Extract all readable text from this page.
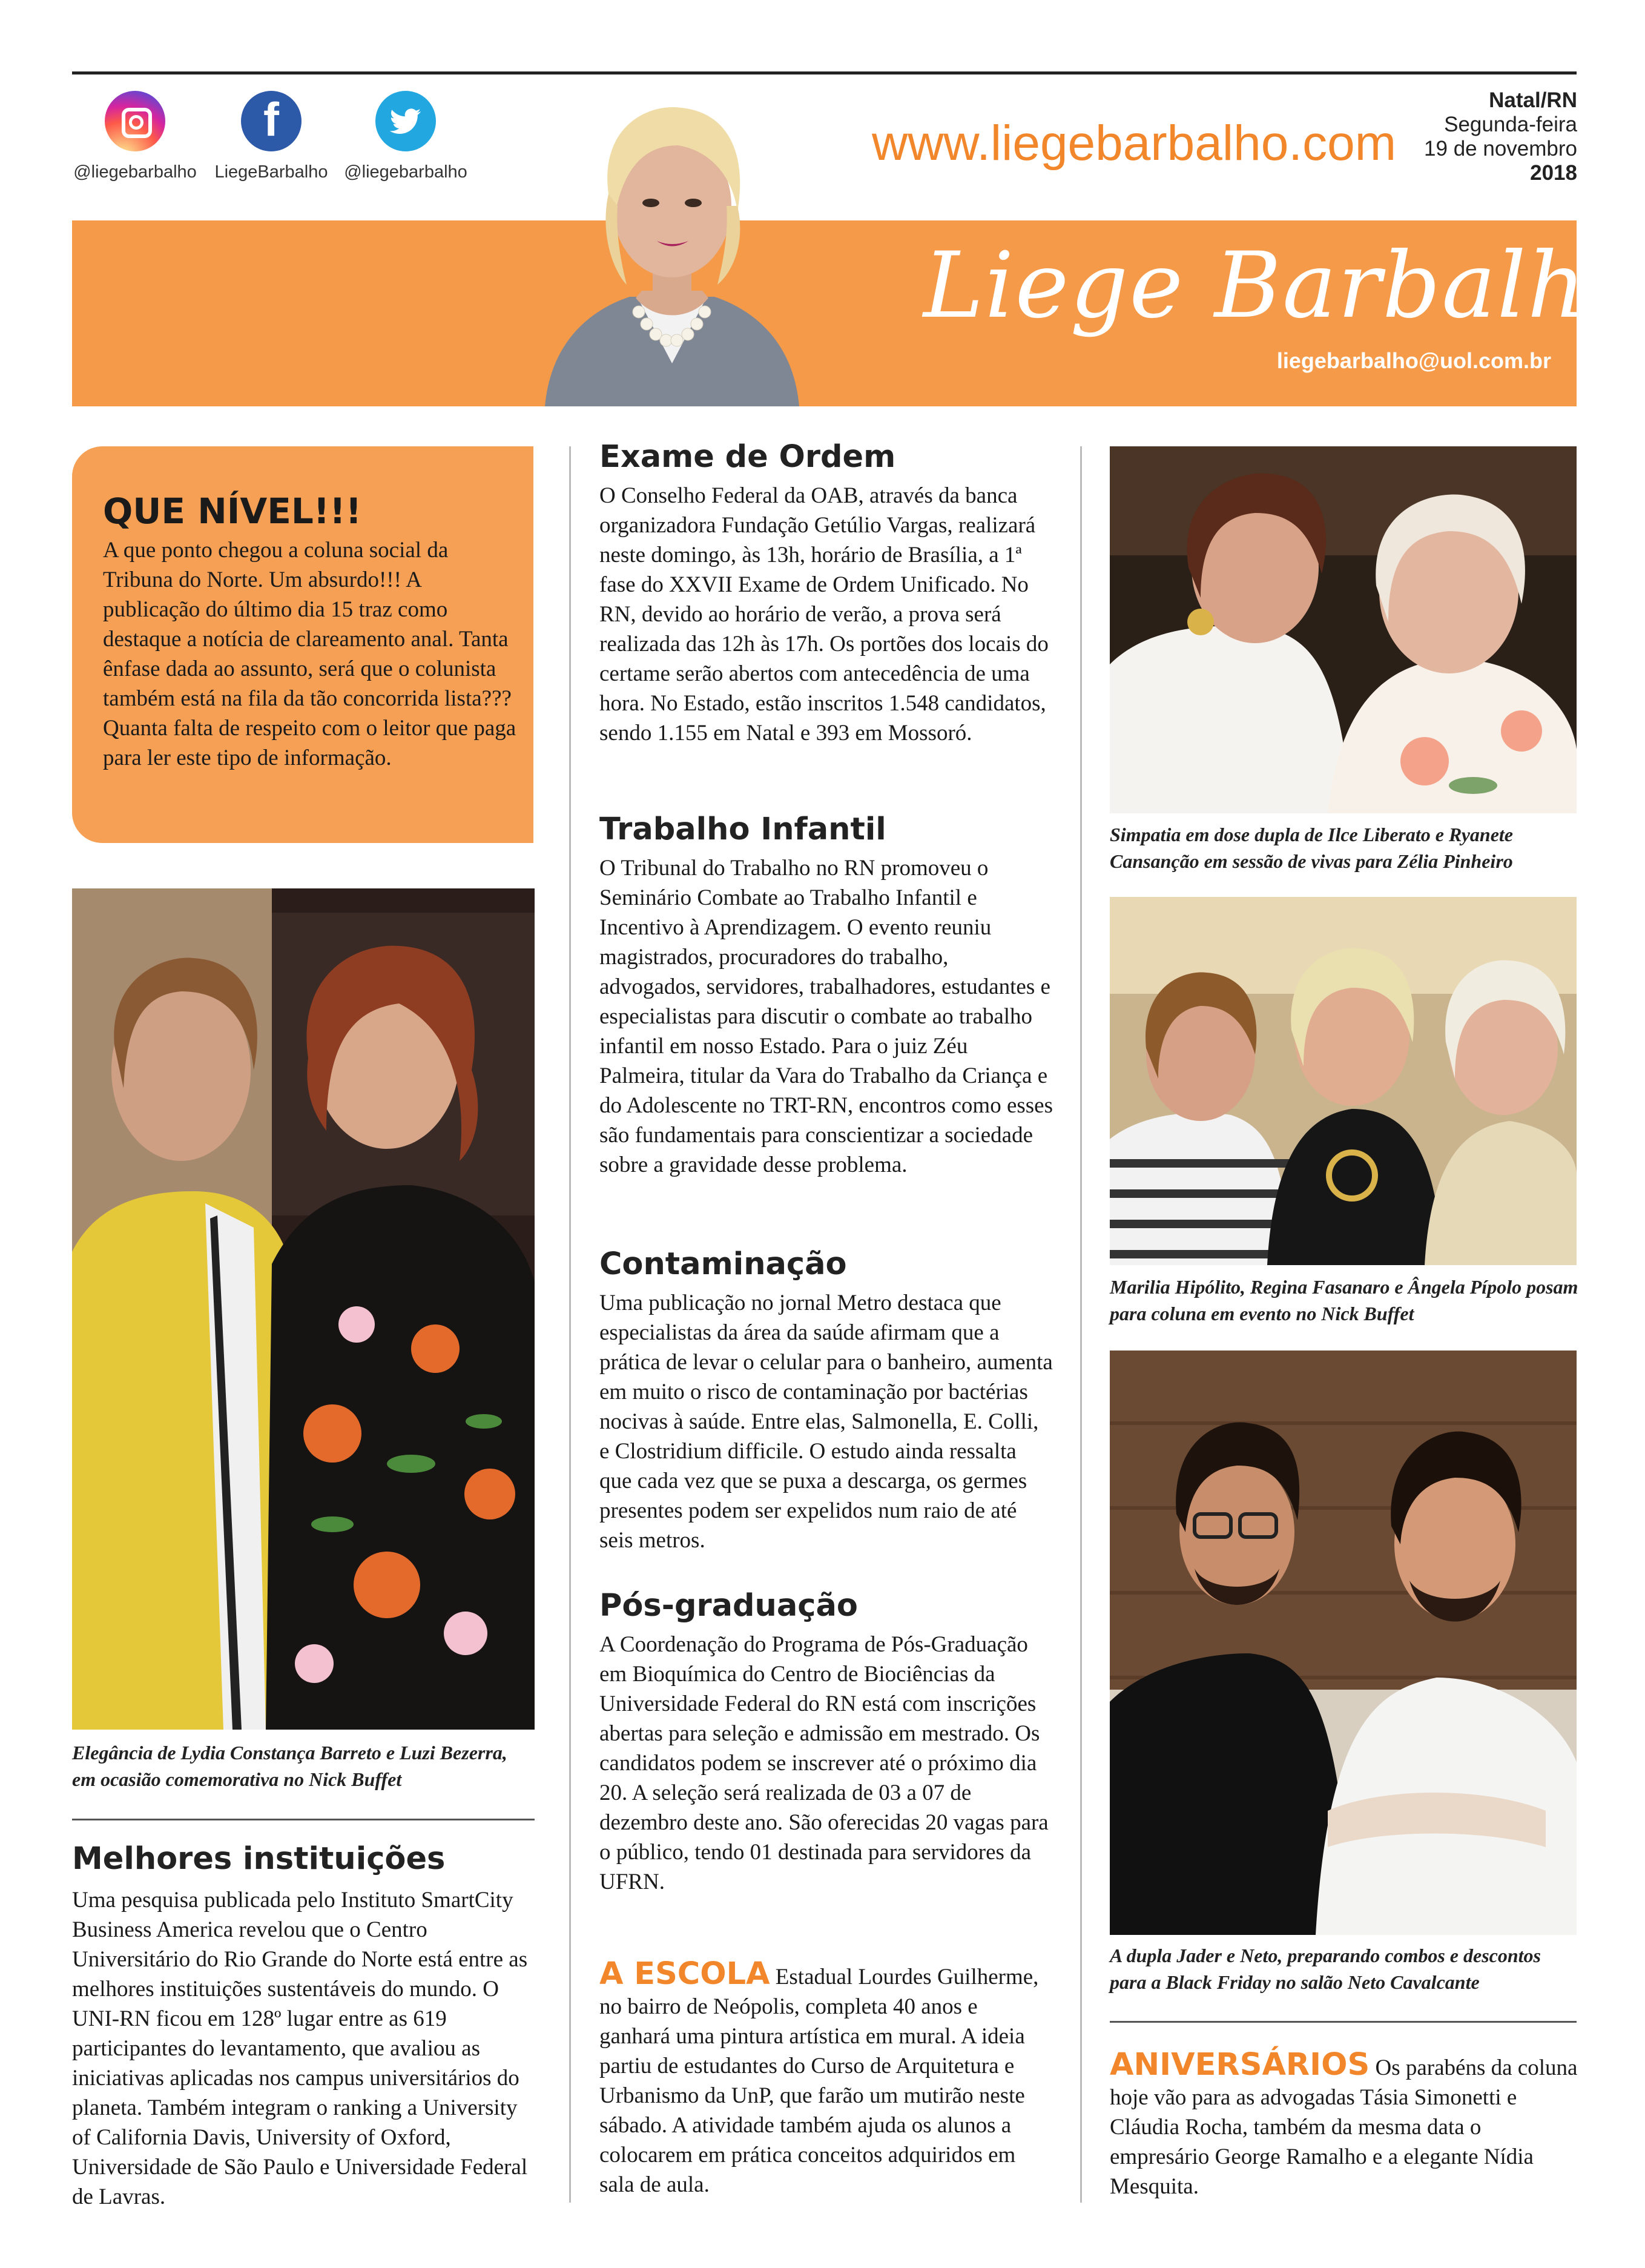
@liegebarbalho
f
LiegeBarbalho @liegebarbalho
www.liegebarbalho.com
Natal/RN
Segunda-feira
19 de novembro
2018
Liege Barbalho
liegebarbalho@uol.com.br
QUE NÍVEL!!!
A que ponto chegou a coluna social da Tribuna do Norte. Um absurdo!!! A publicação do último dia 15 traz como destaque a notícia de clareamento anal. Tanta ênfase dada ao assunto, será que o colunista também está na fila da tão concorrida lista??? Quanta falta de respeito com o leitor que paga para ler este tipo de informação.
Elegância de Lydia Constança Barreto e Luzi Bezerra, em ocasião comemorativa no Nick Buffet
Melhores instituições
Uma pesquisa publicada pelo Instituto SmartCity Business America revelou que o Centro Universitário do Rio Grande do Norte está entre as melhores instituições sustentáveis do mundo. O UNI-RN ficou em 128º lugar entre as 619 participantes do levantamento, que avaliou as iniciativas aplicadas nos campus universitários do planeta. Também integram o ranking a University of California Davis, University of Oxford, Universidade de São Paulo e Universidade Federal de Lavras.
Exame de Ordem
O Conselho Federal da OAB, através da banca organizadora Fundação Getúlio Vargas, realizará neste domingo, às 13h, horário de Brasília, a 1ª fase do XXVII Exame de Ordem Unificado. No RN, devido ao horário de verão, a prova será realizada das 12h às 17h. Os portões dos locais do certame serão abertos com antecedência de uma hora. No Estado, estão inscritos 1.548 candidatos, sendo 1.155 em Natal e 393 em Mossoró.
Trabalho Infantil
O Tribunal do Trabalho no RN promoveu o Seminário Combate ao Trabalho Infantil e Incentivo à Aprendizagem. O evento reuniu magistrados, procuradores do trabalho, advogados, servidores, trabalhadores, estudantes e especialistas para discutir o combate ao trabalho infantil em nosso Estado. Para o juiz Zéu Palmeira, titular da Vara do Trabalho da Criança e do Adolescente no TRT-RN, encontros como esses são fundamentais para conscientizar a sociedade sobre a gravidade desse problema.
Contaminação
Uma publicação no jornal Metro destaca que especialistas da área da saúde afirmam que a prática de levar o celular para o banheiro, aumenta em muito o risco de contaminação por bactérias nocivas à saúde. Entre elas, Salmonella, E. Colli, e Clostridium difficile. O estudo ainda ressalta que cada vez que se puxa a descarga, os germes presentes podem ser expelidos num raio de até seis metros.
Pós-graduação
A Coordenação do Programa de Pós-Graduação em Bioquímica do Centro de Biociências da Universidade Federal do RN está com inscrições abertas para seleção e admissão em mestrado. Os candidatos podem se inscrever até o próximo dia 20. A seleção será realizada de 03 a 07 de dezembro deste ano. São oferecidas 20 vagas para o público, tendo 01 destinada para servidores da UFRN.
A ESCOLA Estadual Lourdes Guilherme, no bairro de Neópolis, completa 40 anos e ganhará uma pintura artística em mural. A ideia partiu de estudantes do Curso de Arquitetura e Urbanismo da UnP, que farão um mutirão neste sábado. A atividade também ajuda os alunos a colocarem em prática conceitos adquiridos em sala de aula.
Simpatia em dose dupla de Ilce Liberato e Ryanete Cansanção em sessão de vivas para Zélia Pinheiro
Marilia Hipólito, Regina Fasanaro e Ângela Pípolo posam para coluna em evento no Nick Buffet
A dupla Jader e Neto, preparando combos e descontos para a Black Friday no salão Neto Cavalcante
ANIVERSÁRIOS Os parabéns da coluna hoje vão para as advogadas Tásia Simonetti e Cláudia Rocha, também da mesma data o empresário George Ramalho e a elegante Nídia Mesquita.
